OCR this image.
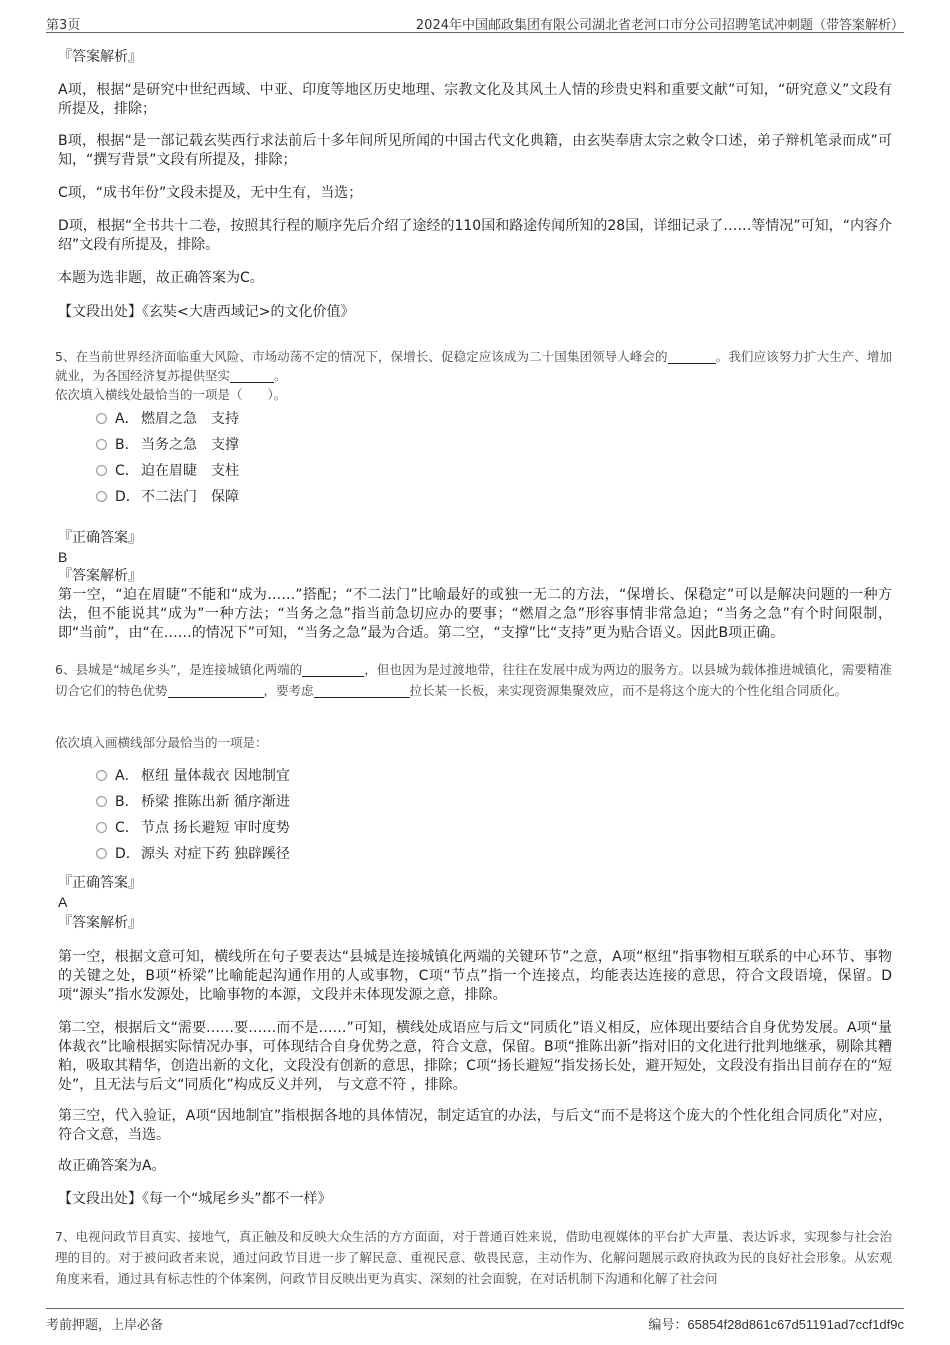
第3页	2024年中国邮政集团有限公司湖北省老河口市分公司招聘笔试冲刺题（带答案解析）

『答案解析』

A项，根据“是研究中世纪西域、中亚、印度等地区历史地理、宗教文化及其风土人情的珍贵史料和重要文献”可知，“研究意义”文段有所提及，排除；

B项，根据“是一部记载玄奘西行求法前后十多年间所见所闻的中国古代文化典籍，由玄奘奉唐太宗之敕令口述，弟子辩机笔录而成”可知，“撰写背景”文段有所提及，排除；

C项，“成书年份”文段未提及，无中生有，当选；

D项，根据“全书共十二卷，按照其行程的顺序先后介绍了途经的110国和路途传闻所知的28国，详细记录了……等情况”可知，“内容介绍”文段有所提及，排除。

本题为选非题，故正确答案为C。

【文段出处】《玄奘<大唐西域记>的文化价值》

5、在当前世界经济面临重大风险、市场动荡不定的情况下，保增长、促稳定应该成为二十国集团领导人峰会的	。我们应该努力扩大生产、增加就业，为各国经济复苏提供坚实	。

依次填入横线处最恰当的一项是（　　）。

A． 燃眉之急　支持
B． 当务之急　支撑
C． 迫在眉睫　支柱
D．不二法门　保障

『正确答案』

B

『答案解析』

第一空，“迫在眉睫”不能和“成为……”搭配；“不二法门”比喻最好的或独一无二的方法，“保增长、保稳定”可以是解决问题的一种方法，但不能说其“成为”一种方法；“当务之急”指当前急切应办的要事；“燃眉之急”形容事情非常急迫；“当务之急”有个时间限制，即“当前”，由“在……的情况下”可知，“当务之急”最为合适。第二空，“支撑”比“支持”更为贴合语义。因此B项正确。

6、县城是“城尾乡头”，是连接城镇化两端的	，但也因为是过渡地带，往往在发展中成为两边的服务方。以县城为载体推进城镇化，需要精准切合它们的特色优势	，要考虑	拉长某一长板，来实现资源集聚效应，而不是将这个庞大的个性化组合同质化。

依次填入画横线部分最恰当的一项是：

A． 枢纽 量体裁衣 因地制宜
B． 桥梁 推陈出新 循序渐进
C． 节点 扬长避短 审时度势
D．源头 对症下药 独辟蹊径

『正确答案』

A

『答案解析』

第一空，根据文意可知，横线所在句子要表达“县城是连接城镇化两端的关键环节”之意，A项“枢纽”指事物相互联系的中心环节、事物的关键之处，B项“桥梁”比喻能起沟通作用的人或事物，C项“节点”指一个连接点，均能表达连接的意思，符合文段语境，保留。D项“源头”指水发源处，比喻事物的本源，文段并未体现发源之意，排除。

第二空，根据后文“需要……要……而不是……”可知，横线处成语应与后文“同质化”语义相反，应体现出要结合自身优势发展。A项“量体裁衣”比喻根据实际情况办事，可体现结合自身优势之意，符合文意，保留。B项“推陈出新”指对旧的文化进行批判地继承，剔除其糟粕，吸取其精华，创造出新的文化，文段没有创新的意思，排除；C项“扬长避短”指发扬长处，避开短处，文段没有指出目前存在的“短处”，且无法与后文“同质化”构成反义并列， 与文意不符 ，排除。

第三空，代入验证，A项“因地制宜”指根据各地的具体情况，制定适宜的办法，与后文“而不是将这个庞大的个性化组合同质化”对应，符合文意，当选。

故正确答案为A。

【文段出处】《每一个“城尾乡头”都不一样》

7、电视问政节目真实、接地气，真正触及和反映大众生活的方方面面，对于普通百姓来说，借助电视媒体的平台扩大声量、表达诉求，实现参与社会治理的目的。对于被问政者来说，通过问政节目进一步了解民意、重视民意、敬畏民意，主动作为、化解问题展示政府执政为民的良好社会形象。从宏观角度来看，通过具有标志性的个体案例，问政节目反映出更为真实、深刻的社会面貌，在对话机制下沟通和化解了社会问

考前押题，上岸必备	编号：65854f28d861c67d51191ad7ccf1df9c
